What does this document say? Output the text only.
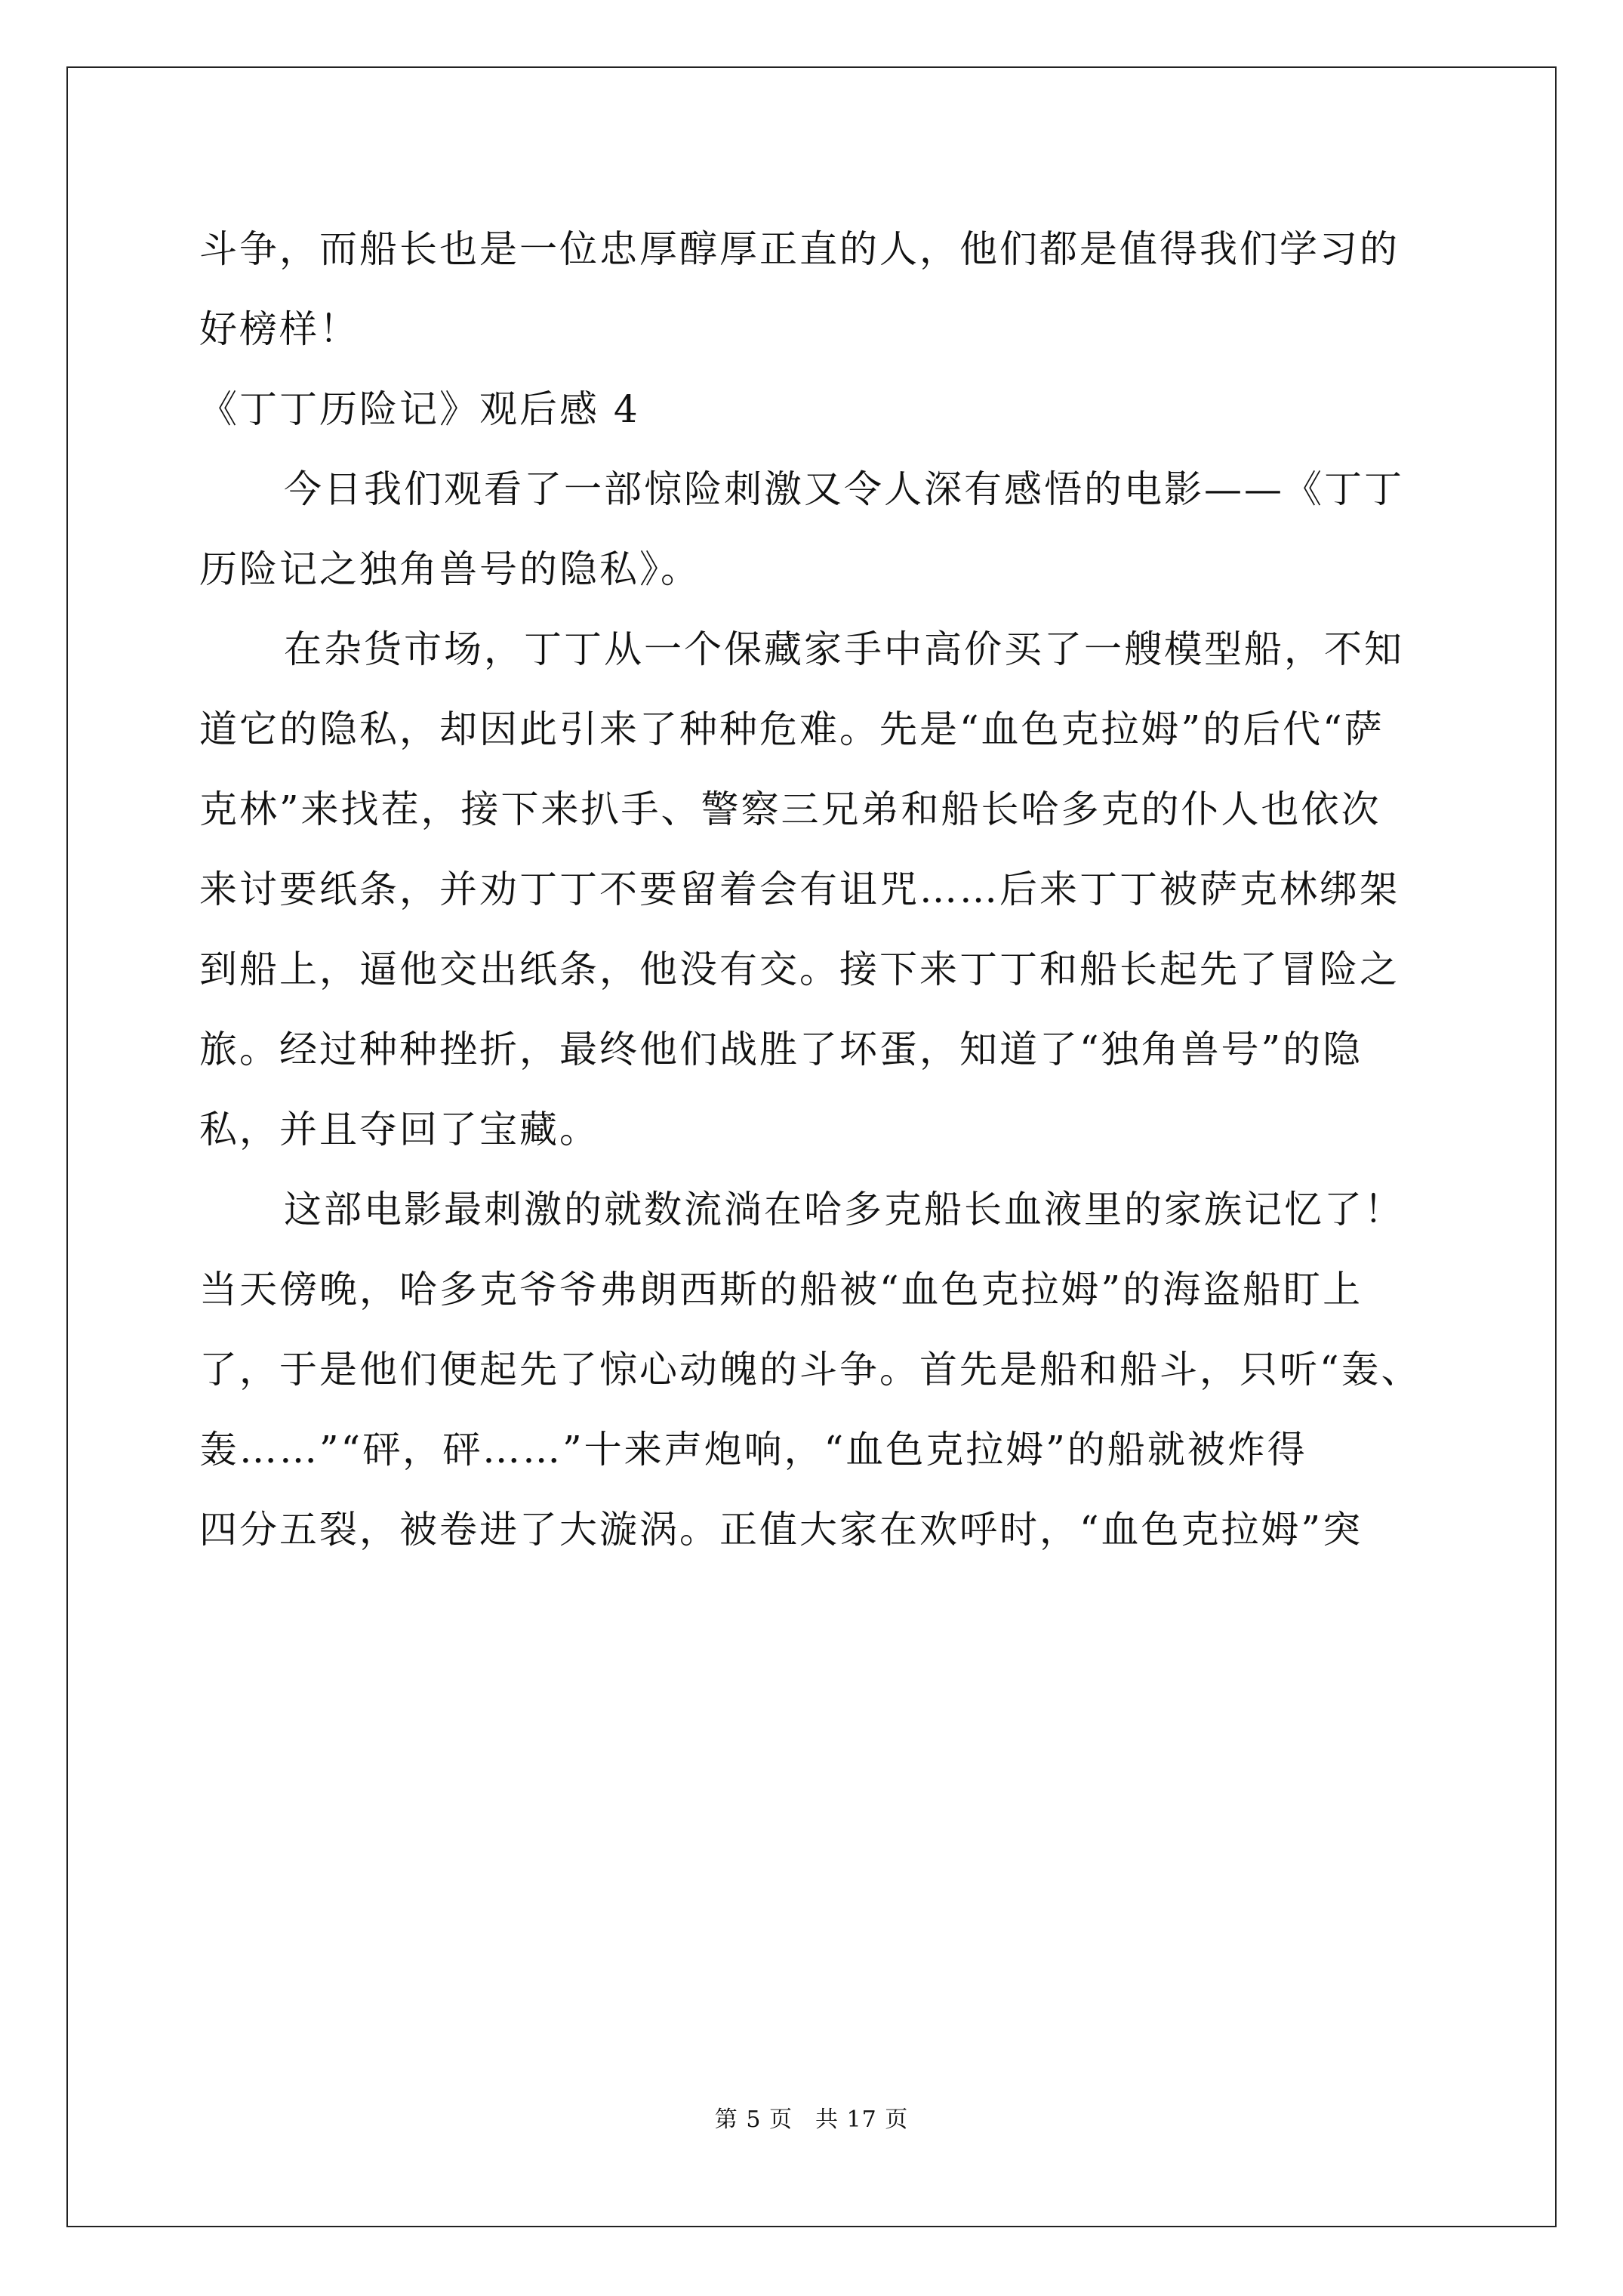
斗争，而船长也是一位忠厚醇厚正直的人，他们都是值得我们学习的
好榜样！
《丁丁历险记》观后感 4
今日我们观看了一部惊险刺激又令人深有感悟的电影——《丁丁
历险记之独角兽号的隐私》。
在杂货市场，丁丁从一个保藏家手中高价买了一艘模型船，不知
道它的隐私，却因此引来了种种危难。先是“血色克拉姆”的后代“萨
克林”来找茬，接下来扒手、警察三兄弟和船长哈多克的仆人也依次
来讨要纸条，并劝丁丁不要留着会有诅咒……后来丁丁被萨克林绑架
到船上，逼他交出纸条，他没有交。接下来丁丁和船长起先了冒险之
旅。经过种种挫折，最终他们战胜了坏蛋，知道了“独角兽号”的隐
私，并且夺回了宝藏。
这部电影最刺激的就数流淌在哈多克船长血液里的家族记忆了！
当天傍晚，哈多克爷爷弗朗西斯的船被“血色克拉姆”的海盗船盯上
了，于是他们便起先了惊心动魄的斗争。首先是船和船斗，只听“轰、
轰……”“砰，砰……”十来声炮响，“血色克拉姆”的船就被炸得
四分五裂，被卷进了大漩涡。正值大家在欢呼时，“血色克拉姆”突
第 5 页 共 17 页
